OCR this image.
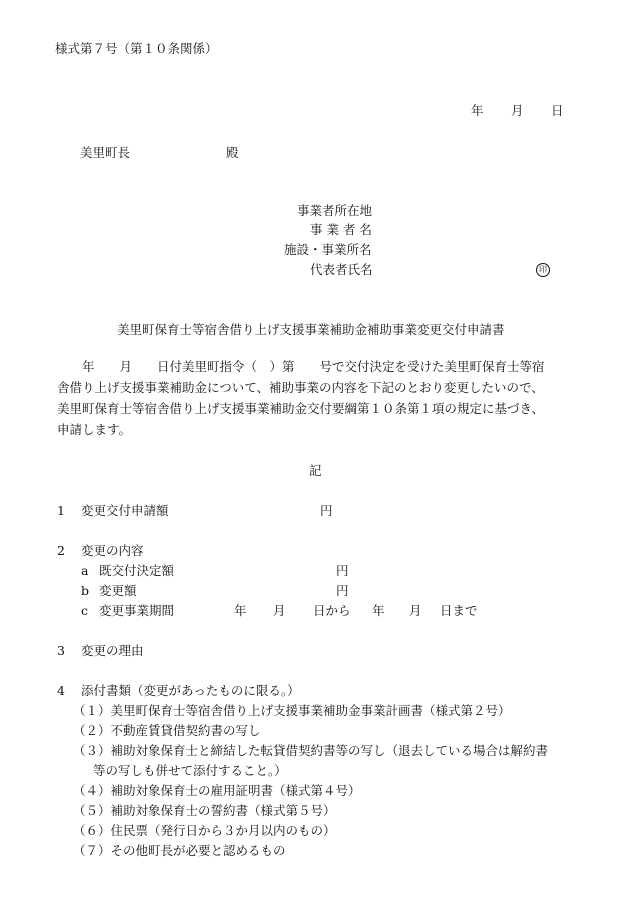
様式第７号（第１０条関係）
年 月 日
美里町長	殿
事業者所在地
事 業 者 名
施設・事業所名
代表者氏名	印
美里町保育士等宿舎借り上げ支援事業補助金補助事業変更交付申請書

　　年　　月　　日付美里町指令（　）第　　号で交付決定を受けた美里町保育士等宿

舎借り上げ支援事業補助金について、補助事業の内容を下記のとおり変更したいので、

美里町保育士等宿舎借り上げ支援事業補助金交付要綱第１０条第１項の規定に基づき、

申請します。

記
1 変更交付申請額	円
2 変更の内容
a 既交付決定額	円
b 変更額	円
c 変更事業期間	年 月 日から 年 月 日まで
3 変更の理由
4 添付書類（変更があったものに限る。）
（１）美里町保育士等宿舎借り上げ支援事業補助金事業計画書（様式第２号）
（２）不動産賃貸借契約書の写し
（３）補助対象保育士と締結した転貸借契約書等の写し（退去している場合は解約書
等の写しも併せて添付すること。）
（４）補助対象保育士の雇用証明書（様式第４号）
（５）補助対象保育士の誓約書（様式第５号）
（６）住民票（発行日から３か月以内のもの）
（７）その他町長が必要と認めるもの
